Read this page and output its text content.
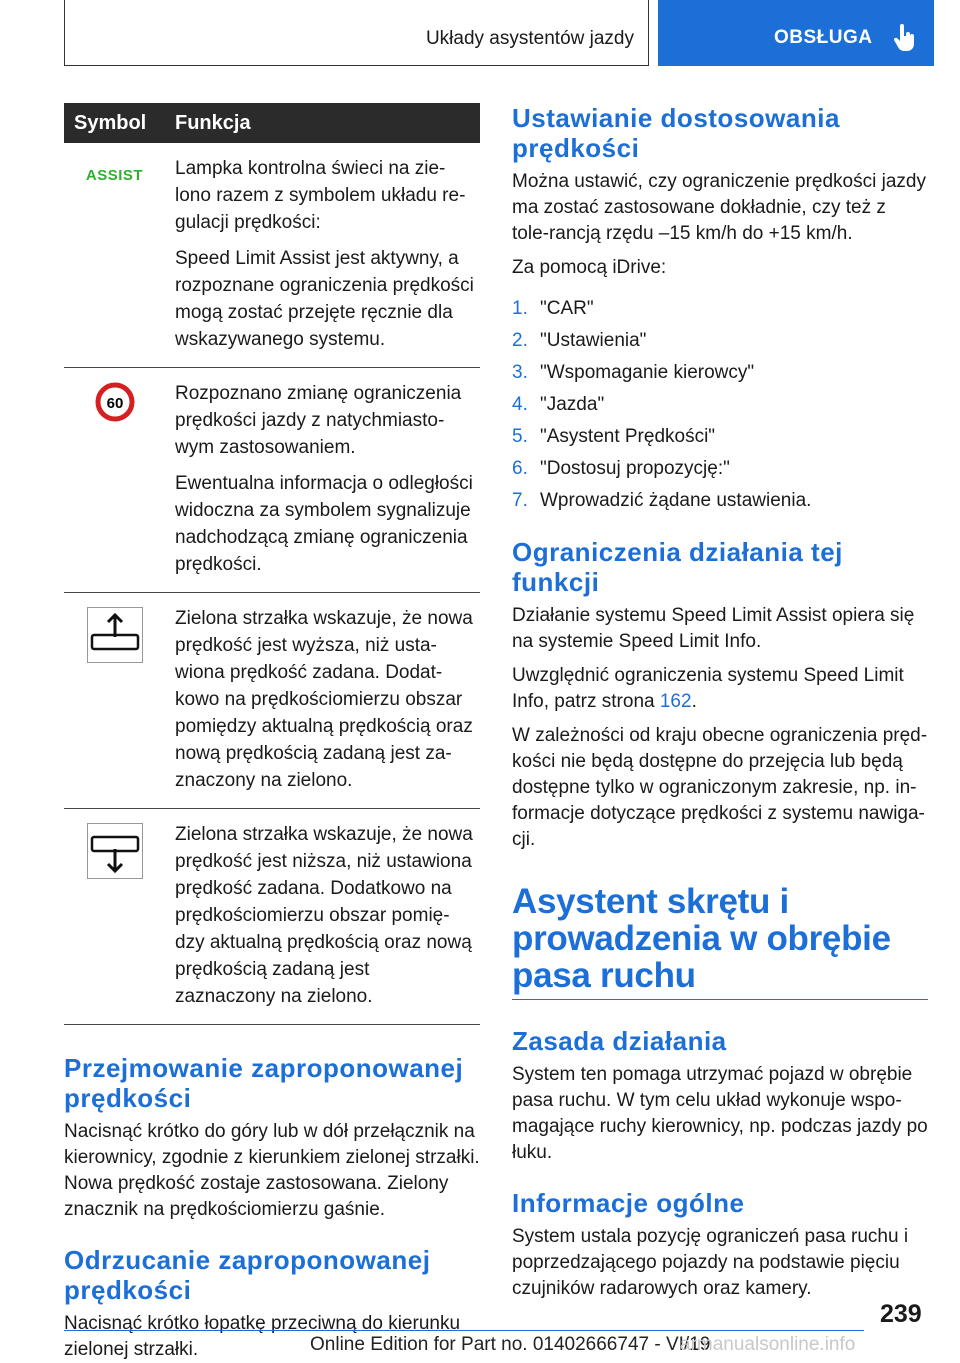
Układy asystentów jazdy	OBSŁUGA
Symbol	Funkcja
ASSIST	Lampka kontrolna świeci na zie-lono razem z symbolem układu re-gulacji prędkości:
Speed Limit Assist jest aktywny, a rozpoznane ograniczenia prędkości mogą zostać przejęte ręcznie dla wskazywanego systemu.

60	Rozpoznano zmianę ograniczenia prędkości jazdy z natychmiasto-wym zastosowaniem.
Ewentualna informacja o odległości widoczna za symbolem sygnalizuje nadchodzącą zmianę ograniczenia prędkości.

Zielona strzałka wskazuje, że nowa prędkość jest wyższa, niż usta-wiona prędkość zadana. Dodat-kowo na prędkościomierzu obszar pomiędzy aktualną prędkością oraz nową prędkością zadaną jest za-znaczony na zielono.

Zielona strzałka wskazuje, że nowa prędkość jest niższa, niż ustawiona prędkość zadana. Dodatkowo na prędkościomierzu obszar pomię-dzy aktualną prędkością oraz nową prędkością zadaną jest zaznaczony na zielono.
Przejmowanie zaproponowanej prędkości
Nacisnąć krótko do góry lub w dół przełącznik na kierownicy, zgodnie z kierunkiem zielonej strzałki. Nowa prędkość zostaje zastosowana. Zielony znacznik na prędkościomierzu gaśnie.
Odrzucanie zaproponowanej prędkości
Nacisnąć krótko łopatkę przeciwną do kierunku zielonej strzałki.
Ustawianie dostosowania prędkości
Można ustawić, czy ograniczenie prędkości jazdy ma zostać zastosowane dokładnie, czy też z tole-rancją rzędu –15 km/h do +15 km/h.
Za pomocą iDrive:
1. "CAR"
2. "Ustawienia"
3. "Wspomaganie kierowcy"
4. "Jazda"
5. "Asystent Prędkości"
6. "Dostosuj propozycję:"
7. Wprowadzić żądane ustawienia.
Ograniczenia działania tej funkcji
Działanie systemu Speed Limit Assist opiera się na systemie Speed Limit Info.
Uwzględnić ograniczenia systemu Speed Limit Info, patrz strona 162.
W zależności od kraju obecne ograniczenia pręd-kości nie będą dostępne do przejęcia lub będą dostępne tylko w ograniczonym zakresie, np. in-formacje dotyczące prędkości z systemu nawiga-cji.
Asystent skrętu i prowadzenia w obrębie pasa ruchu
Zasada działania
System ten pomaga utrzymać pojazd w obrębie pasa ruchu. W tym celu układ wykonuje wspo-magające ruchy kierownicy, np. podczas jazdy po łuku.
Informacje ogólne
System ustala pozycję ograniczeń pasa ruchu i poprzedzającego pojazdy na podstawie pięciu czujników radarowych oraz kamery.
239
Online Edition for Part no. 01402666747 - VI/19
armanualsonline.info
